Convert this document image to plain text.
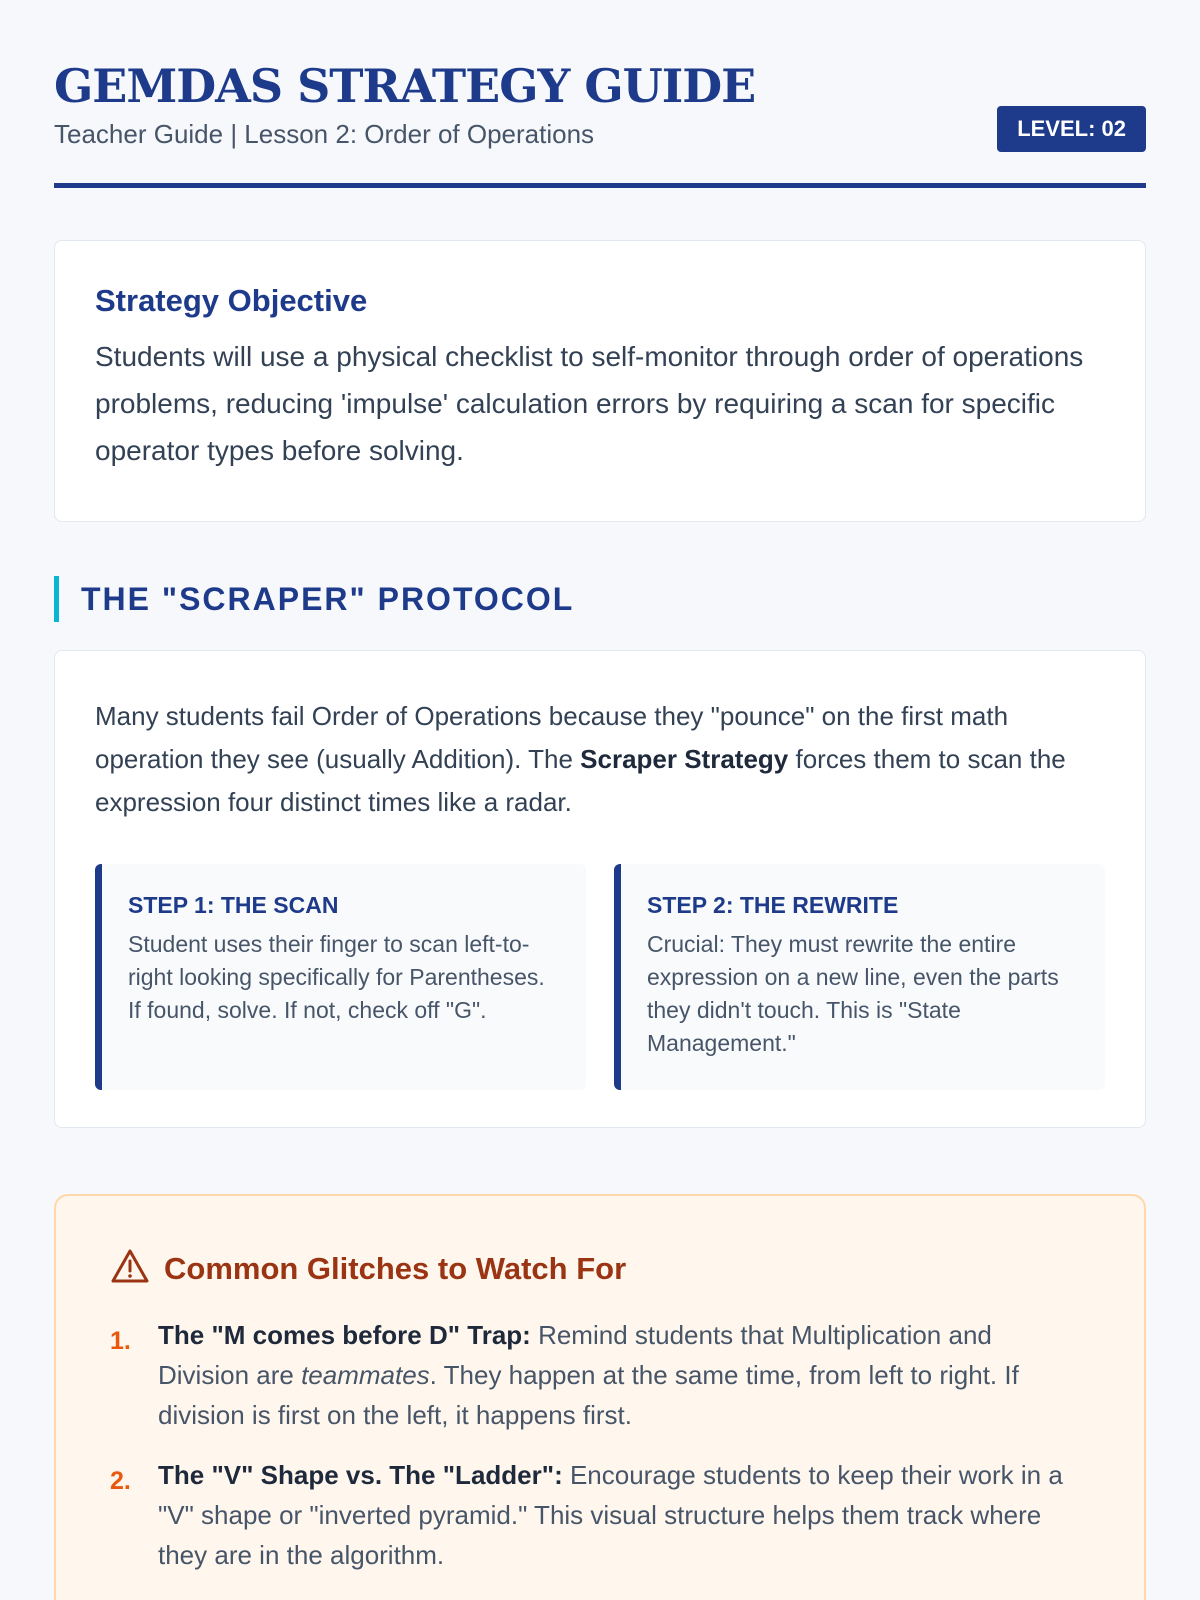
GEMDAS STRATEGY GUIDE
Teacher Guide | Lesson 2: Order of Operations	LEVEL: 02
Strategy Objective

Students will use a physical checklist to self-monitor through order of operations problems, reducing 'impulse' calculation errors by requiring a scan for specific operator types before solving.

THE "SCRAPER" PROTOCOL

Many students fail Order of Operations because they "pounce" on the first math operation they see (usually Addition). The Scraper Strategy forces them to scan the expression four distinct times like a radar.

STEP 1: THE SCAN
Student uses their finger to scan left-to-right looking specifically for Parentheses. If found, solve. If not, check off "G".
STEP 2: THE REWRITE
Crucial: They must rewrite the entire expression on a new line, even the parts they didn't touch. This is "State Management."
Common Glitches to Watch For
1.	The "M comes before D" Trap: Remind students that Multiplication and Division are teammates. They happen at the same time, from left to right. If division is first on the left, it happens first.
2.	The "V" Shape vs. The "Ladder": Encourage students to keep their work in a "V" shape or "inverted pyramid." This visual structure helps them track where they are in the algorithm.
